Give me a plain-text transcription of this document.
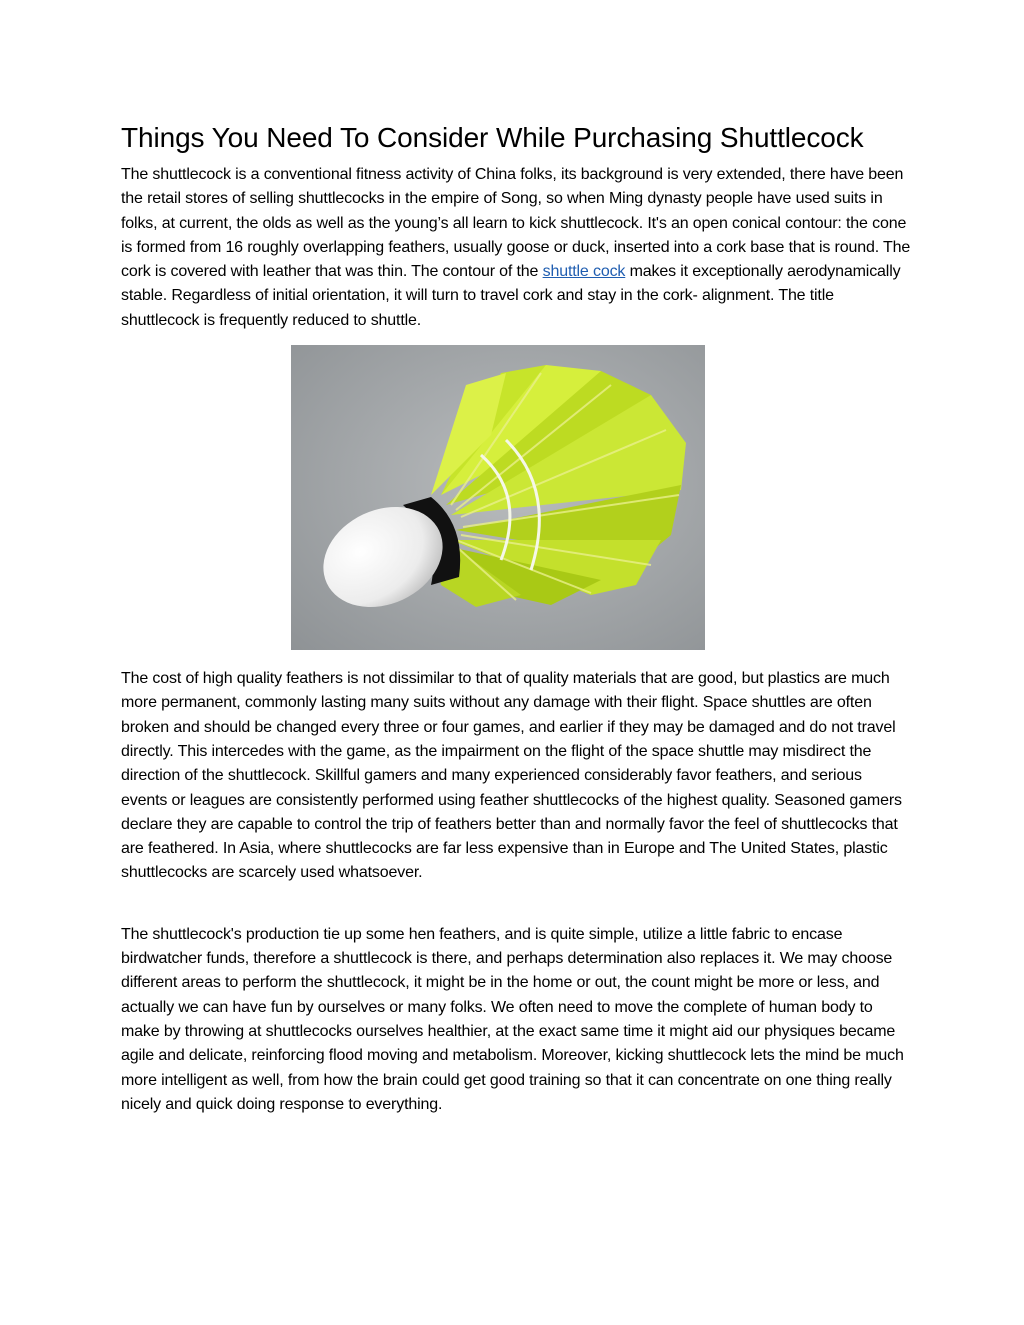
Things You Need To Consider While Purchasing Shuttlecock

The shuttlecock is a conventional fitness activity of China folks, its background is very extended, there have been the retail stores of selling shuttlecocks in the empire of Song, so when Ming dynasty people have used suits in folks, at current, the olds as well as the young’s all learn to kick shuttlecock. It's an open conical contour: the cone is formed from 16 roughly overlapping feathers, usually goose or duck, inserted into a cork base that is round. The cork is covered with leather that was thin. The contour of the shuttle cock makes it exceptionally aerodynamically stable. Regardless of initial orientation, it will turn to travel cork and stay in the cork- alignment. The title shuttlecock is frequently reduced to shuttle.

The cost of high quality feathers is not dissimilar to that of quality materials that are good, but plastics are much more permanent, commonly lasting many suits without any damage with their flight. Space shuttles are often broken and should be changed every three or four games, and earlier if they may be damaged and do not travel directly. This intercedes with the game, as the impairment on the flight of the space shuttle may misdirect the direction of the shuttlecock. Skillful gamers and many experienced considerably favor feathers, and serious events or leagues are consistently performed using feather shuttlecocks of the highest quality. Seasoned gamers declare they are capable to control the trip of feathers better than and normally favor the feel of shuttlecocks that are feathered. In Asia, where shuttlecocks are far less expensive than in Europe and The United States, plastic shuttlecocks are scarcely used whatsoever.

The shuttlecock's production tie up some hen feathers, and is quite simple, utilize a little fabric to encase birdwatcher funds, therefore a shuttlecock is there, and perhaps determination also replaces it. We may choose different areas to perform the shuttlecock, it might be in the home or out, the count might be more or less, and actually we can have fun by ourselves or many folks. We often need to move the complete of human body to make by throwing at shuttlecocks ourselves healthier, at the exact same time it might aid our physiques became agile and delicate, reinforcing flood moving and metabolism. Moreover, kicking shuttlecock lets the mind be much more intelligent as well, from how the brain could get good training so that it can concentrate on one thing really nicely and quick doing response to everything.
